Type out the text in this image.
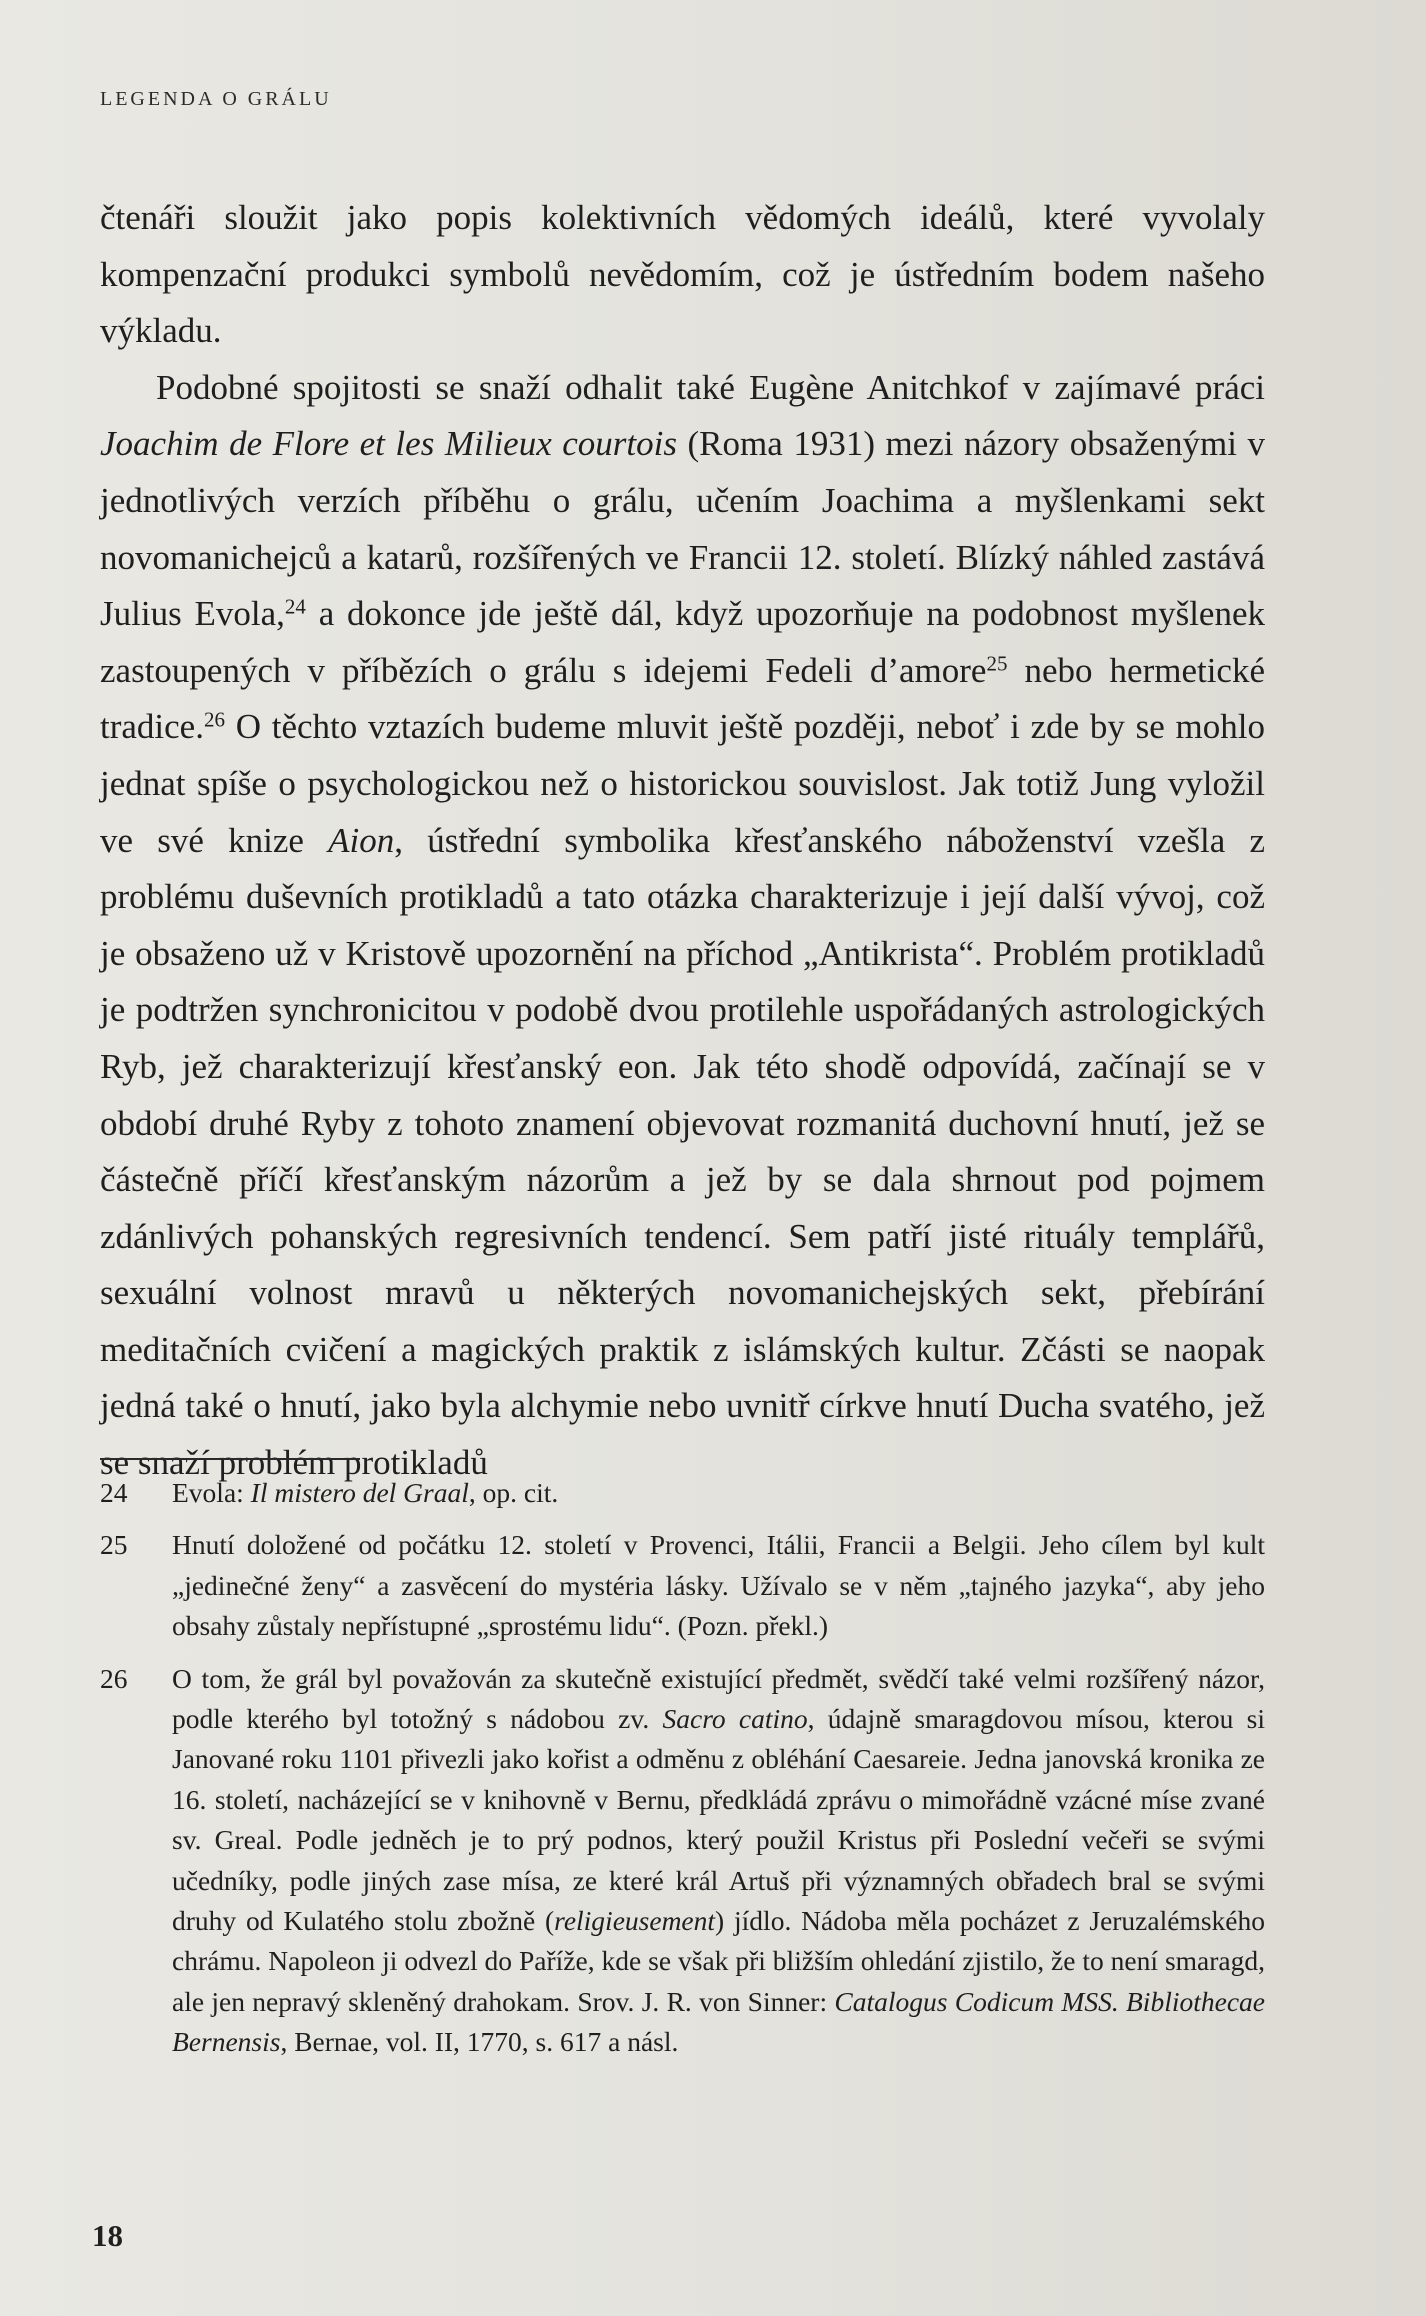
LEGENDA O GRÁLU

čtenáři sloužit jako popis kolektivních vědomých ideálů, které vyvolaly kompenzační produkci symbolů nevědomím, což je ústředním bodem našeho výkladu.

Podobné spojitosti se snaží odhalit také Eugène Anitchkof v zajímavé práci Joachim de Flore et les Milieux courtois (Roma 1931) mezi názory obsaženými v jednotlivých verzích příběhu o grálu, učením Joachima a myšlenkami sekt novomanichejců a katarů, rozšířených ve Francii 12. století. Blízký náhled zastává Julius Evola,$^{24}$ a dokonce jde ještě dál, když upozorňuje na podobnost myšlenek zastoupených v příbězích o grálu s idejemi Fedeli d’amore$^{25}$ nebo hermetické tradice.$^{26}$ O těchto vztazích budeme mluvit ještě později, neboť i zde by se mohlo jednat spíše o psychologickou než o historickou souvislost. Jak totiž Jung vyložil ve své knize Aion, ústřední symbolika křesťanského náboženství vzešla z problému duševních protikladů a tato otázka charakterizuje i její další vývoj, což je obsaženo už v Kristově upozornění na příchod „Antikrista“. Problém protikladů je podtržen synchronicitou v podobě dvou protilehle uspořádaných astrologických Ryb, jež charakterizují křesťanský eon. Jak této shodě odpovídá, začínají se v období druhé Ryby z tohoto znamení objevovat rozmanitá duchovní hnutí, jež se částečně příčí křesťanským názorům a jež by se dala shrnout pod pojmem zdánlivých pohanských regresivních tendencí. Sem patří jisté rituály templářů, sexuální volnost mravů u některých novomanichejských sekt, přebírání meditačních cvičení a magických praktik z islámských kultur. Zčásti se naopak jedná také o hnutí, jako byla alchymie nebo uvnitř církve hnutí Ducha svatého, jež se snaží problém protikladů

24	Evola: Il mistero del Graal, op. cit.
25	Hnutí doložené od počátku 12. století v Provenci, Itálii, Francii a Belgii. Jeho cílem byl kult „jedinečné ženy“ a zasvěcení do mystéria lásky. Užívalo se v něm „tajného jazyka“, aby jeho obsahy zůstaly nepřístupné „sprostému lidu“. (Pozn. překl.)
26	O tom, že grál byl považován za skutečně existující předmět, svědčí také velmi rozšířený názor, podle kterého byl totožný s nádobou zv. Sacro catino, údajně smaragdovou mísou, kterou si Janované roku 1101 přivezli jako kořist a odměnu z obléhání Caesareie. Jedna janovská kronika ze 16. století, nacházející se v knihovně v Bernu, předkládá zprávu o mimořádně vzácné míse zvané sv. Greal. Podle jedněch je to prý podnos, který použil Kristus při Poslední večeři se svými učedníky, podle jiných zase mísa, ze které král Artuš při významných obřadech bral se svými druhy od Kulatého stolu zbožně (religieusement) jídlo. Nádoba měla pocházet z Jeruzalémského chrámu. Napoleon ji odvezl do Paříže, kde se však při bližším ohledání zjistilo, že to není smaragd, ale jen nepravý skleněný drahokam. Srov. J. R. von Sinner: Catalogus Codicum MSS. Bibliothecae Bernensis, Bernae, vol. II, 1770, s. 617 a násl.
18
